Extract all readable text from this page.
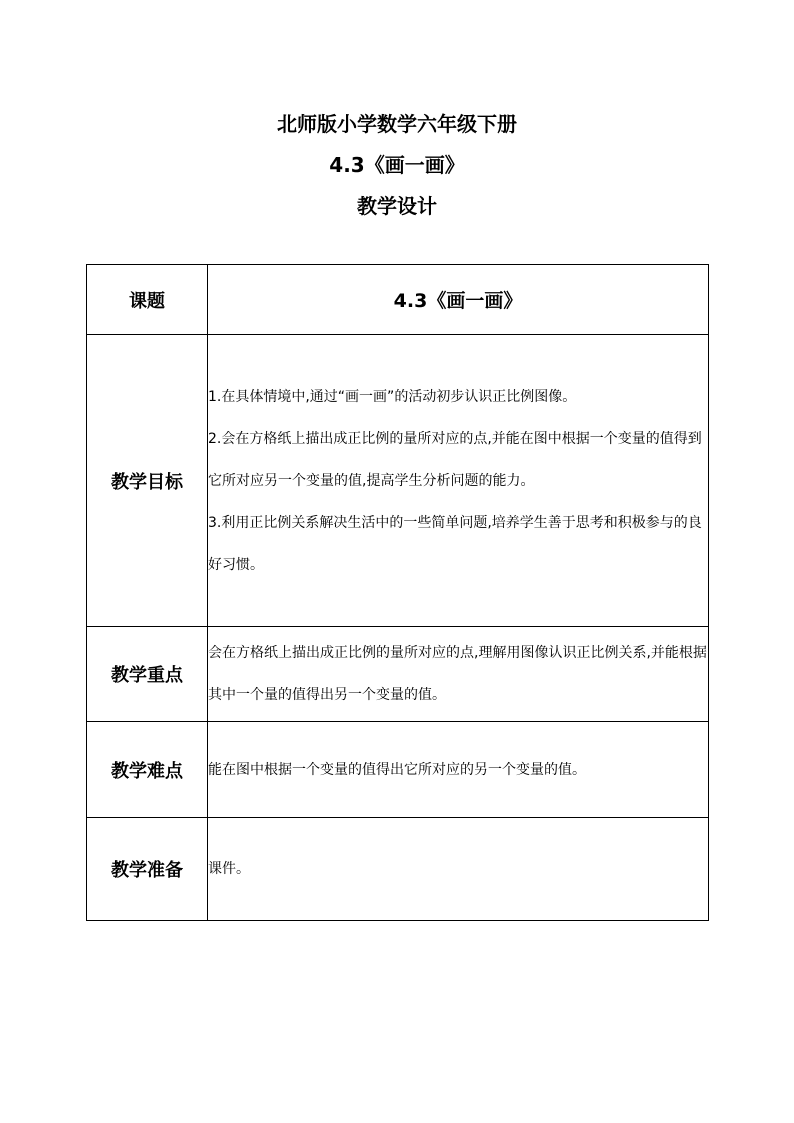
北师版小学数学六年级下册
4.3《画一画》
教学设计
课题	4.3《画一画》
教学目标	1.在具体情境中,通过“画一画”的活动初步认识正比例图像。

2.会在方格纸上描出成正比例的量所对应的点,并能在图中根据一个变量的值得到它所对应另一个变量的值,提高学生分析问题的能力。

3.利用正比例关系解决生活中的一些简单问题,培养学生善于思考和积极参与的良好习惯。

教学重点	会在方格纸上描出成正比例的量所对应的点,理解用图像认识正比例关系,并能根据其中一个量的值得出另一个变量的值。
教学难点	能在图中根据一个变量的值得出它所对应的另一个变量的值。
教学准备	课件。
